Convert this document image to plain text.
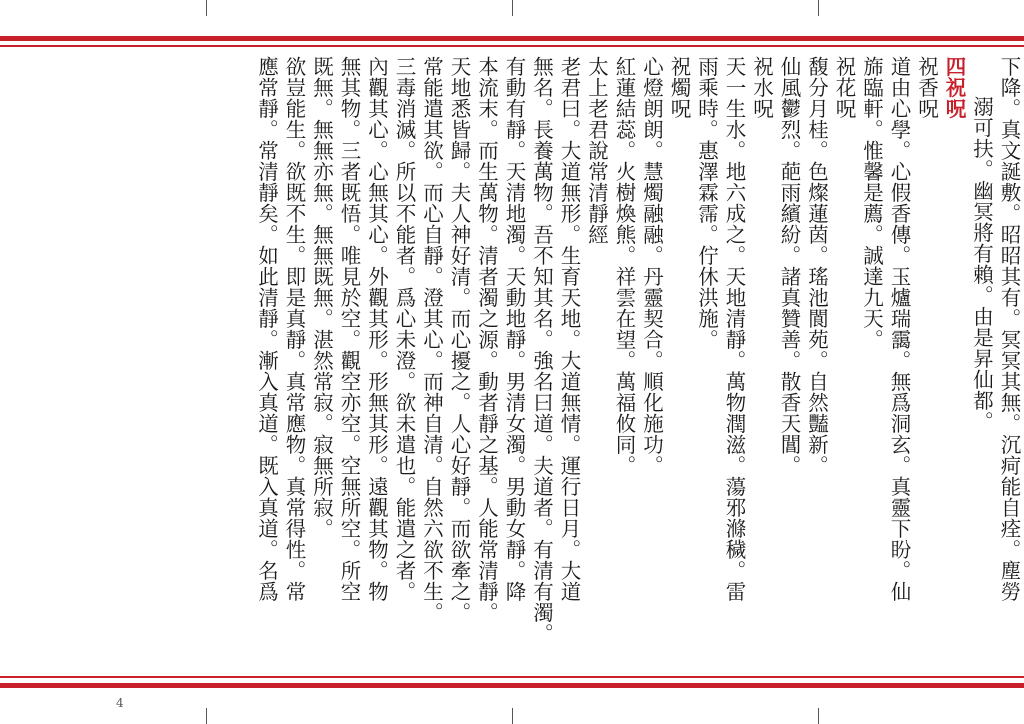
下降。真文誕敷。昭昭其有。冥冥其無。沉疴能自痊。塵勞
溺可扶。幽冥將有賴。由是昇仙都。
四祝呪
祝香呪
道由心學。心假香傳。玉爐瑞靄。無爲洞玄。真靈下盼。仙
旆臨軒。惟馨是薦。誠達九天。
祝花呪
馥分月桂。色燦蓮茵。瑤池閬苑。自然豔新。
仙風鬱烈。葩雨繽紛。諸真贊善。散香天閶。
祝水呪
天一生水。地六成之。天地清靜。萬物潤滋。蕩邪滌穢。雷
雨乘時。惠澤霖霈。佇休洪施。
祝燭呪
心燈朗朗。慧燭融融。丹靈契合。順化施功。
紅蓮結蕊。火樹煥熊。祥雲在望。萬福攸同。
太上老君說常清靜經
老君曰。大道無形。生育天地。大道無情。運行日月。大道
無名。長養萬物。吾不知其名。強名曰道。夫道者。有清有濁。
有動有靜。天清地濁。天動地靜。男清女濁。男動女靜。降
本流末。而生萬物。清者濁之源。動者靜之基。人能常清靜。
天地悉皆歸。夫人神好清。而心擾之。人心好靜。而欲牽之。
常能遣其欲。而心自靜。澄其心。而神自清。自然六欲不生。
三毒消滅。所以不能者。爲心未澄。欲未遣也。能遣之者。
內觀其心。心無其心。外觀其形。形無其形。遠觀其物。物
無其物。三者既悟。唯見於空。觀空亦空。空無所空。所空
既無。無無亦無。無無既無。湛然常寂。寂無所寂。
欲豈能生。欲既不生。即是真靜。真常應物。真常得性。常
應常靜。常清靜矣。如此清靜。漸入真道。既入真道。名爲
4
